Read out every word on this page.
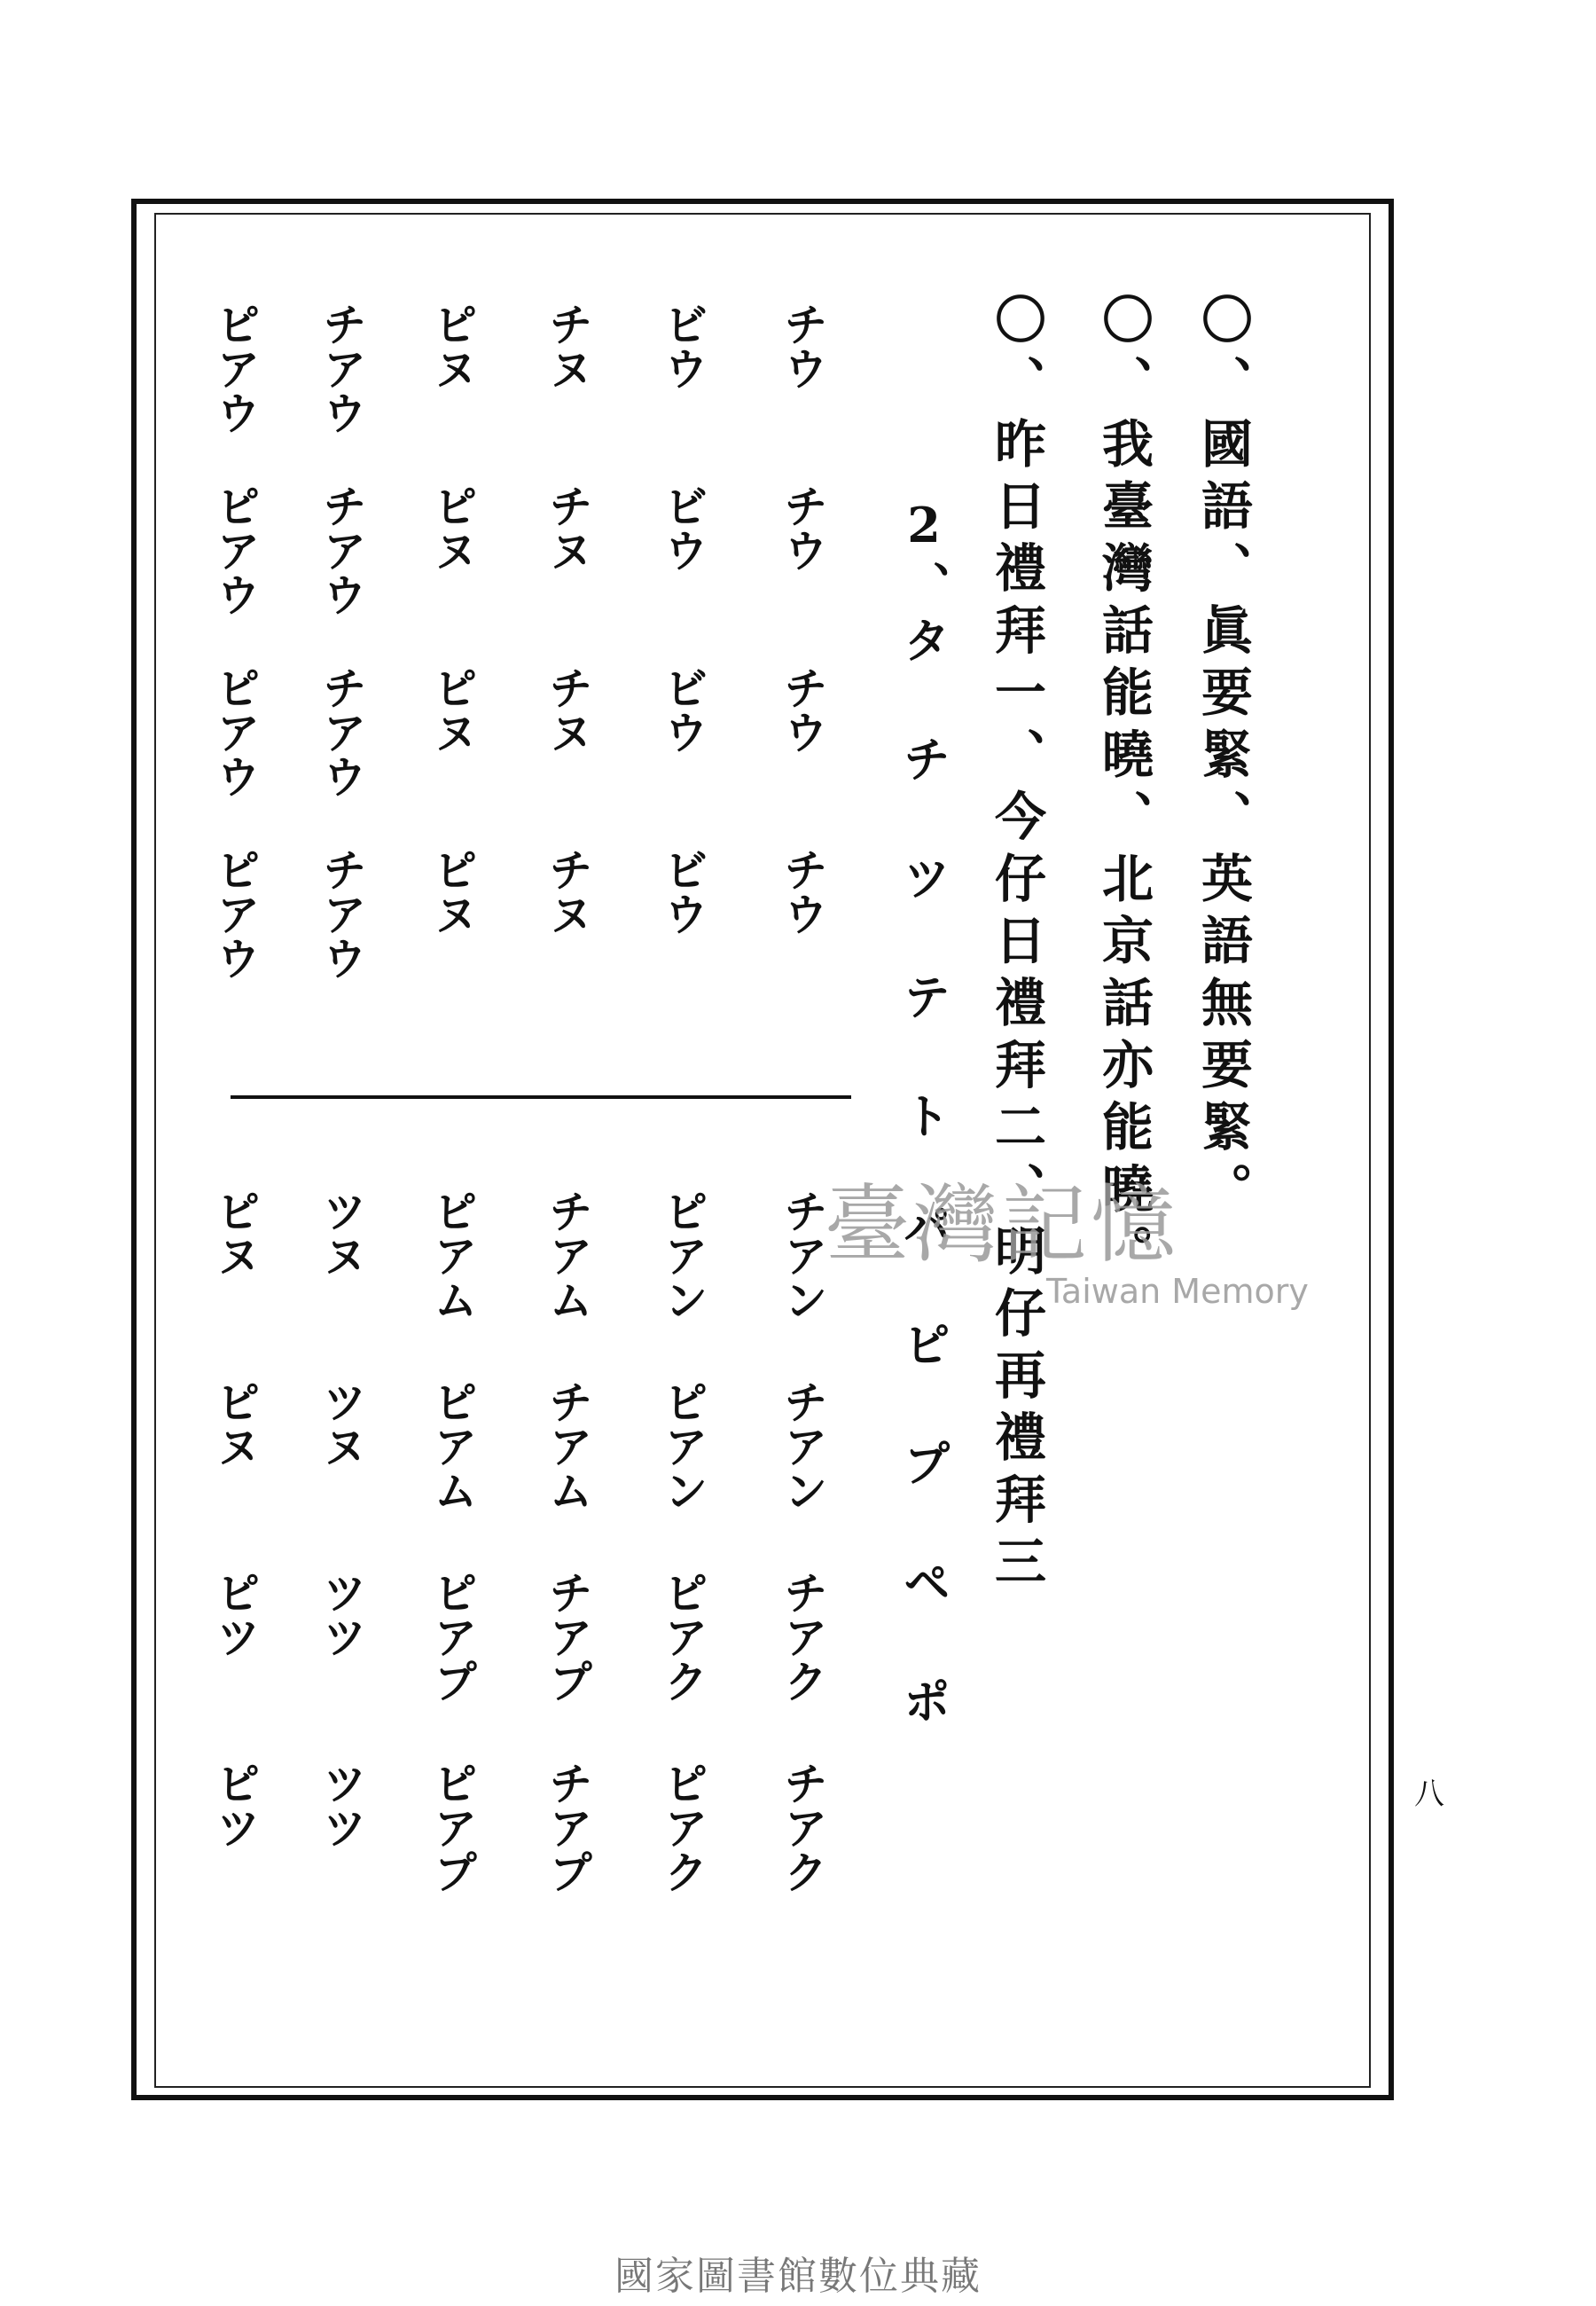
〇、國語、眞要緊、英語無要緊。
〇、我臺灣話能曉、北京話亦能曉。
〇、昨日禮拜一、今仔日禮拜二、明仔再禮拜三
2、タ チ ツ テ ト　パ ピ プ ペ ポ
チウ
チウ
チウ
チウ
ビウ
ビウ
ビウ
ビウ
チヌ
チヌ
チヌ
チヌ
ピヌ
ピヌ
ピヌ
ピヌ
チアウ
チアウ
チアウ
チアウ
ピアウ
ピアウ
ピアウ
ピアウ
チアン
チアン
チアク
チアク
ピアン
ピアン
ピアク
ピアク
チアム
チアム
チアプ
チアプ
ピアム
ピアム
ピアプ
ピアプ
ツヌ
ツヌ
ツツ
ツツ
ピヌ
ピヌ
ピツ
ピツ	八
臺灣記憶
Taiwan Memory
國家圖書館數位典藏
